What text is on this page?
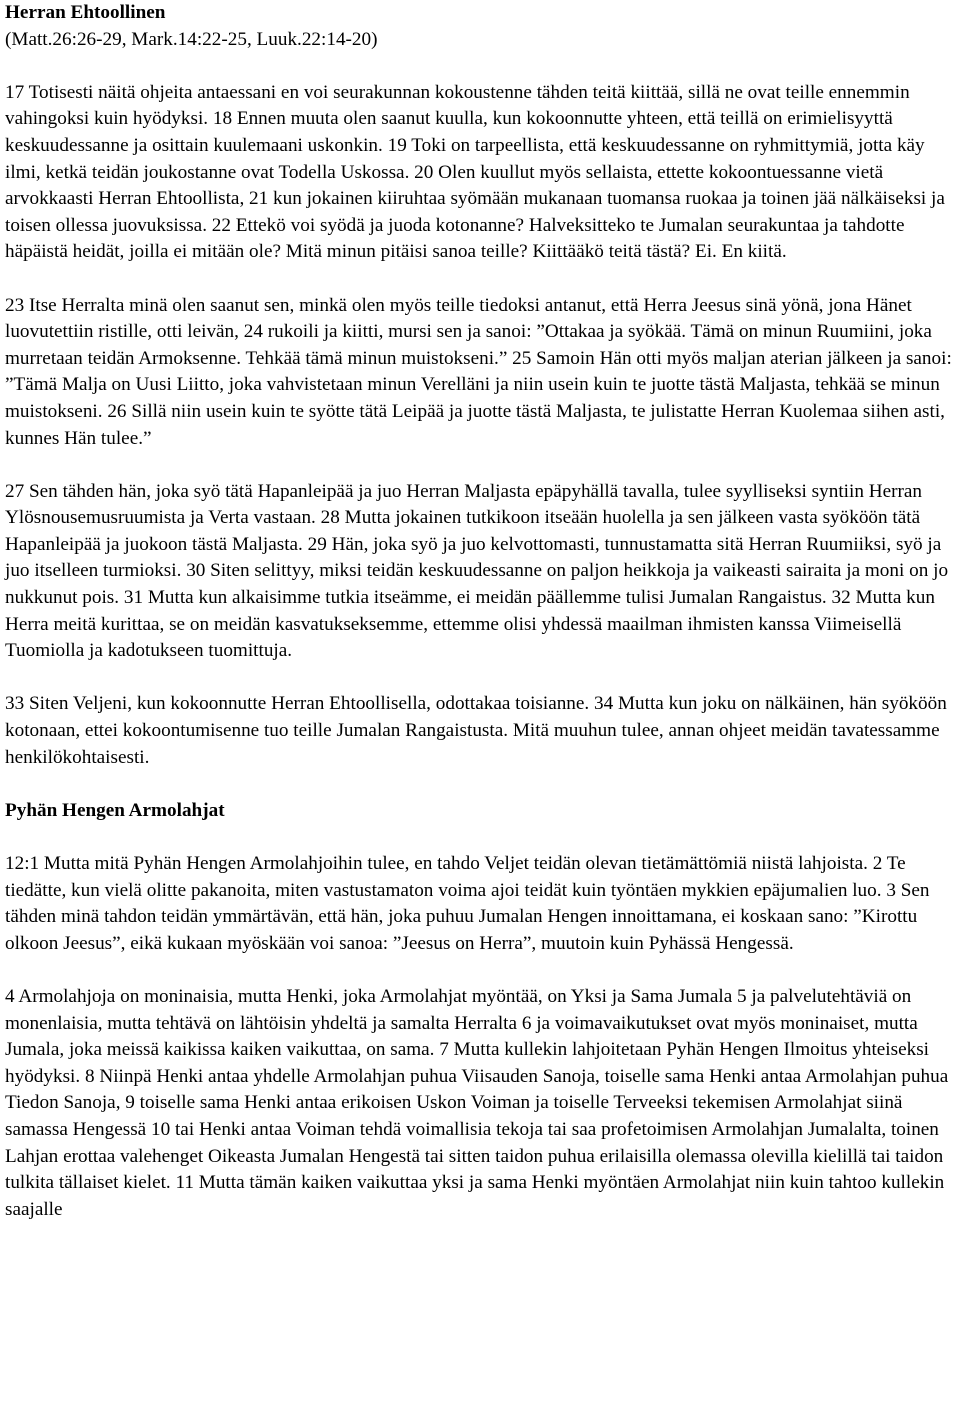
Herran Ehtoollinen
(Matt.26:26-29, Mark.14:22-25, Luuk.22:14-20)
17 Totisesti näitä ohjeita antaessani en voi seurakunnan kokoustenne tähden teitä kiittää, sillä ne ovat teille ennemmin vahingoksi kuin hyödyksi. 18 Ennen muuta olen saanut kuulla, kun kokoonnutte yhteen, että teillä on erimielisyyttä keskuudessanne ja osittain kuulemaani uskonkin. 19 Toki on tarpeellista, että keskuudessanne on ryhmittymiä, jotta käy ilmi, ketkä teidän joukostanne ovat Todella Uskossa. 20 Olen kuullut myös sellaista, ettette kokoontuessanne vietä arvokkaasti Herran Ehtoollista, 21 kun jokainen kiiruhtaa syömään mukanaan tuomansa ruokaa ja toinen jää nälkäiseksi ja toisen ollessa juovuksissa. 22 Ettekö voi syödä ja juoda kotonanne? Halveksitteko te Jumalan seurakuntaa ja tahdotte häpäistä heidät, joilla ei mitään ole? Mitä minun pitäisi sanoa teille? Kiittääkö teitä tästä? Ei. En kiitä.
23 Itse Herralta minä olen saanut sen, minkä olen myös teille tiedoksi antanut, että Herra Jeesus sinä yönä, jona Hänet luovutettiin ristille, otti leivän, 24 rukoili ja kiitti, mursi sen ja sanoi: ”Ottakaa ja syökää. Tämä on minun Ruumiini, joka murretaan teidän Armoksenne. Tehkää tämä minun muistokseni.” 25 Samoin Hän otti myös maljan aterian jälkeen ja sanoi: ”Tämä Malja on Uusi Liitto, joka vahvistetaan minun Verelläni ja niin usein kuin te juotte tästä Maljasta, tehkää se minun muistokseni. 26 Sillä niin usein kuin te syötte tätä Leipää ja juotte tästä Maljasta, te julistatte Herran Kuolemaa siihen asti, kunnes Hän tulee.”
27 Sen tähden hän, joka syö tätä Hapanleipää ja juo Herran Maljasta epäpyhällä tavalla, tulee syylliseksi syntiin Herran Ylösnousemusruumista ja Verta vastaan. 28 Mutta jokainen tutkikoon itseään huolella ja sen jälkeen vasta syököön tätä Hapanleipää ja juokoon tästä Maljasta. 29 Hän, joka syö ja juo kelvottomasti, tunnustamatta sitä Herran Ruumiiksi, syö ja juo itselleen turmioksi. 30 Siten selittyy, miksi teidän keskuudessanne on paljon heikkoja ja vaikeasti sairaita ja moni on jo nukkunut pois. 31 Mutta kun alkaisimme tutkia itseämme, ei meidän päällemme tulisi Jumalan Rangaistus. 32 Mutta kun Herra meitä kurittaa, se on meidän kasvatukseksemme, ettemme olisi yhdessä maailman ihmisten kanssa Viimeisellä Tuomiolla ja kadotukseen tuomittuja.
33 Siten Veljeni, kun kokoonnutte Herran Ehtoollisella, odottakaa toisianne. 34 Mutta kun joku on nälkäinen, hän syököön kotonaan, ettei kokoontumisenne tuo teille Jumalan Rangaistusta. Mitä muuhun tulee, annan ohjeet meidän tavatessamme henkilökohtaisesti.
Pyhän Hengen Armolahjat
12:1 Mutta mitä Pyhän Hengen Armolahjoihin tulee, en tahdo Veljet teidän olevan tietämättömiä niistä lahjoista. 2 Te tiedätte, kun vielä olitte pakanoita, miten vastustamaton voima ajoi teidät kuin työntäen mykkien epäjumalien luo. 3 Sen tähden minä tahdon teidän ymmärtävän, että hän, joka puhuu Jumalan Hengen innoittamana, ei koskaan sano: ”Kirottu olkoon Jeesus”, eikä kukaan myöskään voi sanoa: ”Jeesus on Herra”, muutoin kuin Pyhässä Hengessä.
4 Armolahjoja on moninaisia, mutta Henki, joka Armolahjat myöntää, on Yksi ja Sama Jumala 5 ja palvelutehtäviä on monenlaisia, mutta tehtävä on lähtöisin yhdeltä ja samalta Herralta 6 ja voimavaikutukset ovat myös moninaiset, mutta Jumala, joka meissä kaikissa kaiken vaikuttaa, on sama. 7 Mutta kullekin lahjoitetaan Pyhän Hengen Ilmoitus yhteiseksi hyödyksi. 8 Niinpä Henki antaa yhdelle Armolahjan puhua Viisauden Sanoja, toiselle sama Henki antaa Armolahjan puhua Tiedon Sanoja, 9 toiselle sama Henki antaa erikoisen Uskon Voiman ja toiselle Terveeksi tekemisen Armolahjat siinä samassa Hengessä 10 tai Henki antaa Voiman tehdä voimallisia tekoja tai saa profetoimisen Armolahjan Jumalalta, toinen Lahjan erottaa valehenget Oikeasta Jumalan Hengestä tai sitten taidon puhua erilaisilla olemassa olevilla kielillä tai taidon tulkita tällaiset kielet. 11 Mutta tämän kaiken vaikuttaa yksi ja sama Henki myöntäen Armolahjat niin kuin tahtoo kullekin saajalle
